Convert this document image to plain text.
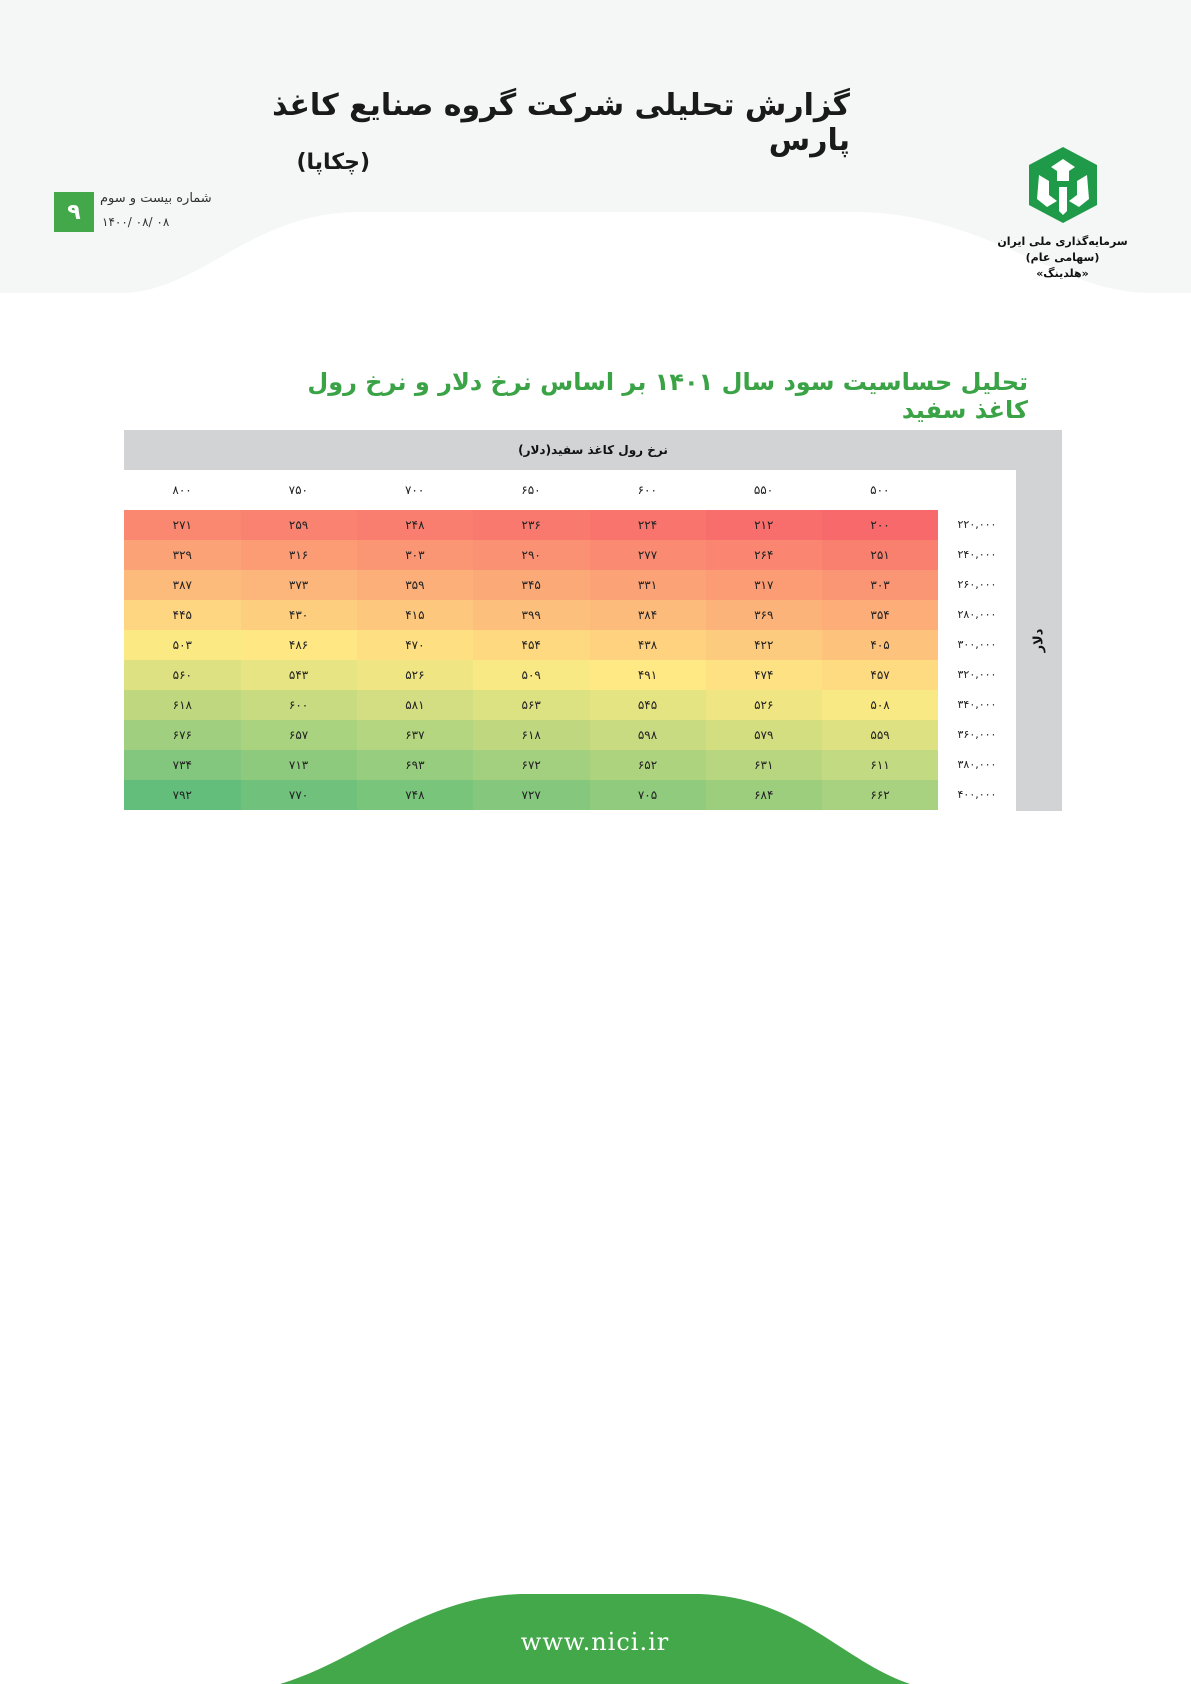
گزارش تحلیلی شرکت گروه صنایع کاغذ پارس
(چکاپا)
سرمایه‌گذاری ملی ایران (سهامی عام)
«هلدینگ»
۹
شماره بیست و سوم
۱۴۰۰/ ۰۸/ ۰۸
تحلیل حساسیت سود سال ۱۴۰۱ بر اساس نرخ دلار و نرخ رول کاغذ سفید
نرخ رول کاغذ سفید(دلار)
دلار
۵۰۰
۵۵۰
۶۰۰
۶۵۰
۷۰۰
۷۵۰
۸۰۰
۲۲۰,۰۰۰
۲۰۰
۲۱۲
۲۲۴
۲۳۶
۲۴۸
۲۵۹
۲۷۱
۲۴۰,۰۰۰
۲۵۱
۲۶۴
۲۷۷
۲۹۰
۳۰۳
۳۱۶
۳۲۹
۲۶۰,۰۰۰
۳۰۳
۳۱۷
۳۳۱
۳۴۵
۳۵۹
۳۷۳
۳۸۷
۲۸۰,۰۰۰
۳۵۴
۳۶۹
۳۸۴
۳۹۹
۴۱۵
۴۳۰
۴۴۵
۳۰۰,۰۰۰
۴۰۵
۴۲۲
۴۳۸
۴۵۴
۴۷۰
۴۸۶
۵۰۳
۳۲۰,۰۰۰
۴۵۷
۴۷۴
۴۹۱
۵۰۹
۵۲۶
۵۴۳
۵۶۰
۳۴۰,۰۰۰
۵۰۸
۵۲۶
۵۴۵
۵۶۳
۵۸۱
۶۰۰
۶۱۸
۳۶۰,۰۰۰
۵۵۹
۵۷۹
۵۹۸
۶۱۸
۶۳۷
۶۵۷
۶۷۶
۳۸۰,۰۰۰
۶۱۱
۶۳۱
۶۵۲
۶۷۲
۶۹۳
۷۱۳
۷۳۴
۴۰۰,۰۰۰
۶۶۲
۶۸۴
۷۰۵
۷۲۷
۷۴۸
۷۷۰
۷۹۲
www.nici.ir
